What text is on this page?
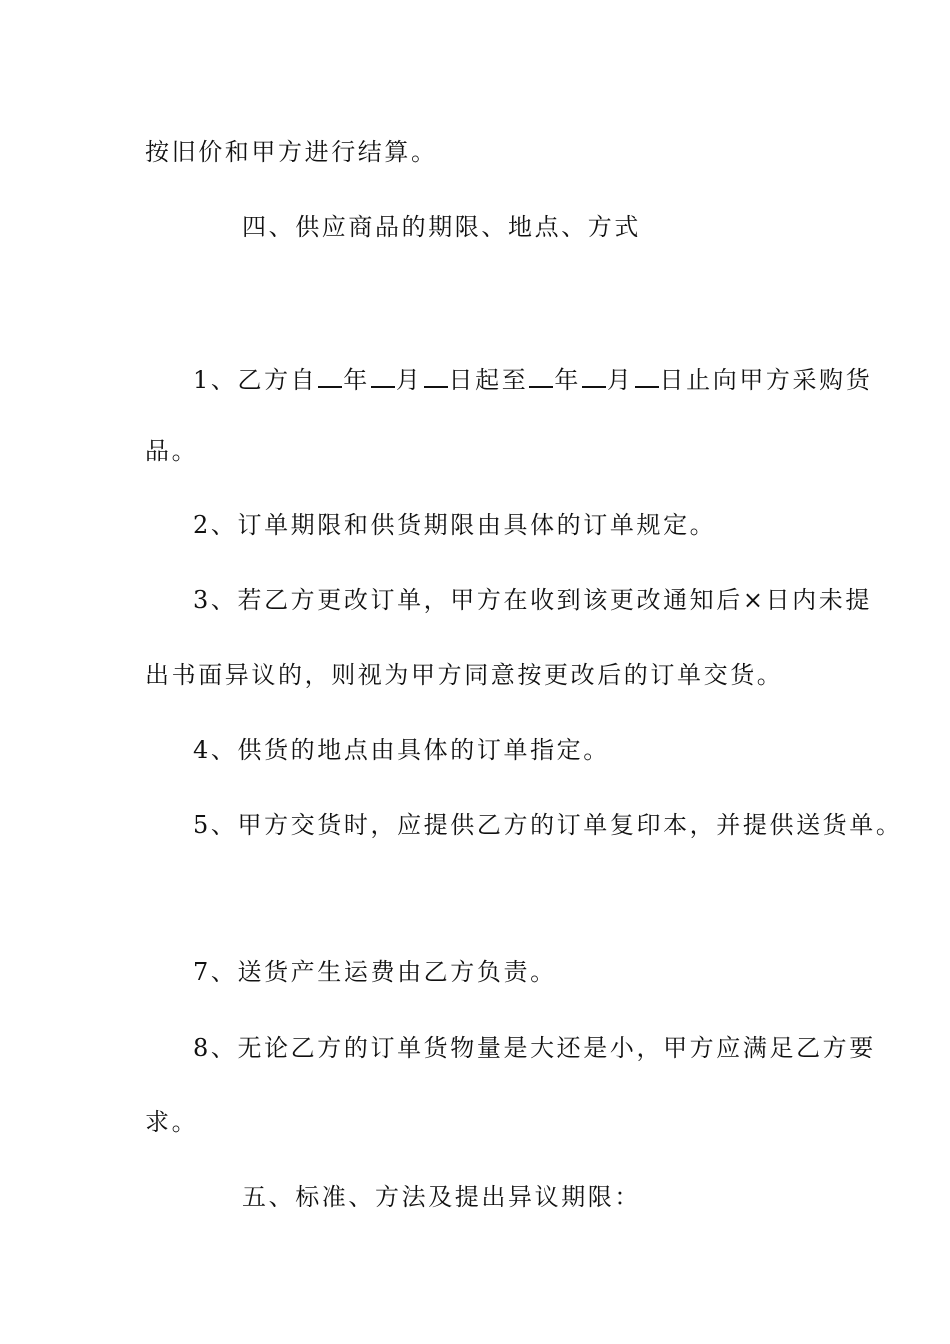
按旧价和甲方进行结算。
四、供应商品的期限、地点、方式
1、乙方自 年 月 日起至 年 月 日止向甲方采购货
品。
2、订单期限和供货期限由具体的订单规定。
3、若乙方更改订单，甲方在收到该更改通知后×日内未提
出书面异议的，则视为甲方同意按更改后的订单交货。
4、供货的地点由具体的订单指定。
5、甲方交货时，应提供乙方的订单复印本，并提供送货单。
7、送货产生运费由乙方负责。
8、无论乙方的订单货物量是大还是小，甲方应满足乙方要
求。
五、标准、方法及提出异议期限：
